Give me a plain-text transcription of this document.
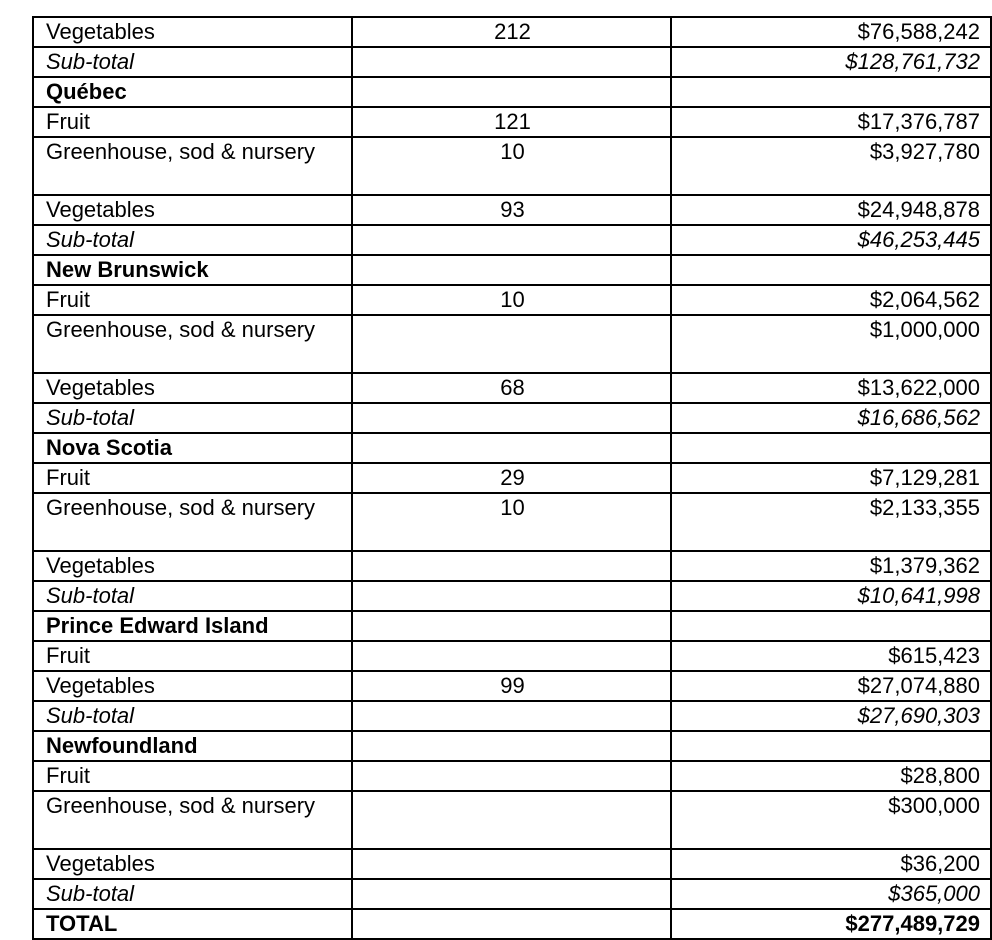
Vegetables	212	$76,588,242
Sub-total		$128,761,732
Québec		
Fruit	121	$17,376,787
Greenhouse, sod & nursery	10	$3,927,780
Vegetables	93	$24,948,878
Sub-total		$46,253,445
New Brunswick		
Fruit	10	$2,064,562
Greenhouse, sod & nursery		$1,000,000
Vegetables	68	$13,622,000
Sub-total		$16,686,562
Nova Scotia		
Fruit	29	$7,129,281
Greenhouse, sod & nursery	10	$2,133,355
Vegetables		$1,379,362
Sub-total		$10,641,998
Prince Edward Island		
Fruit		$615,423
Vegetables	99	$27,074,880
Sub-total		$27,690,303
Newfoundland		
Fruit		$28,800
Greenhouse, sod & nursery		$300,000
Vegetables		$36,200
Sub-total		$365,000
TOTAL		$277,489,729
